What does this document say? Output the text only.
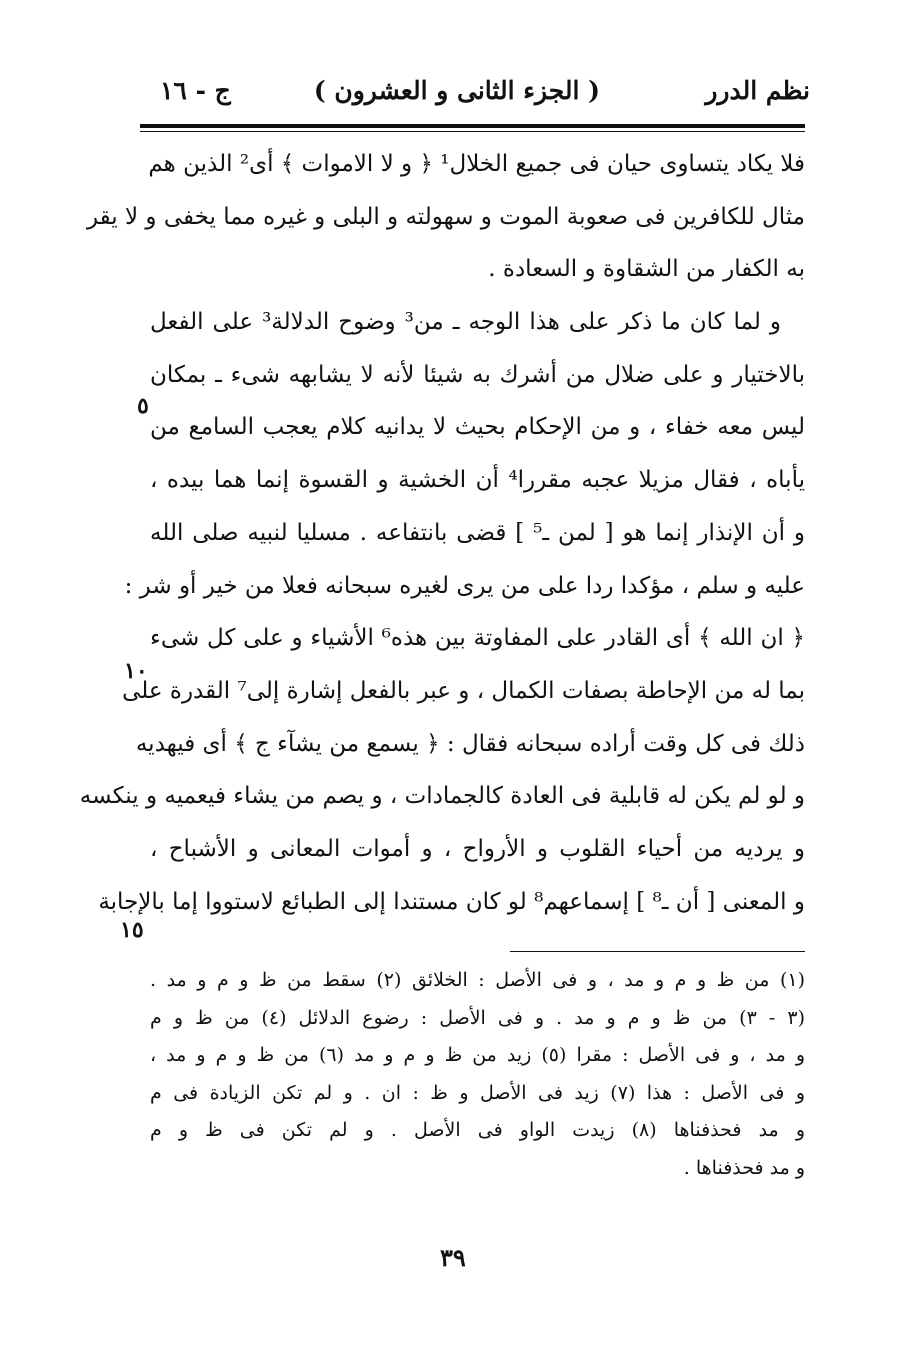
نظم الدرر
( الجزء الثانى و العشرون )
ج - ١٦
فلا يكاد يتساوى حيان فى جميع الخلال¹ ﴿ و لا الاموات ﴾ أى² الذين هم
مثال للكافرين فى صعوبة الموت و سهولته و البلى و غيره مما يخفى و لا يقر
به الكفار من الشقاوة و السعادة .
و لما كان ما ذكر على هذا الوجه ـ من³ وضوح الدلالة³ على الفعل
بالاختيار و على ضلال من أشرك به شيئا لأنه لا يشابهه شىء ـ بمكان
ليس معه خفاء ، و من الإحكام بحيث لا يدانيه كلام يعجب السامع من
يأباه ، فقال مزيلا عجبه مقررا⁴ أن الخشية و القسوة إنما هما بيده ،
و أن الإنذار إنما هو [ لمن ـ⁵ ] قضى بانتفاعه . مسليا لنبيه صلى الله
عليه و سلم ، مؤكدا ردا على من يرى لغيره سبحانه فعلا من خير أو شر :
﴿ ان الله ﴾ أى القادر على المفاوتة بين هذه⁶ الأشياء و على كل شىء
بما له من الإحاطة بصفات الكمال ، و عبر بالفعل إشارة إلى⁷ القدرة على
ذلك فى كل وقت أراده سبحانه فقال : ﴿ يسمع من يشآء ج ﴾ أى فيهديه
و لو لم يكن له قابلية فى العادة كالجمادات ، و يصم من يشاء فيعميه و ينكسه
و يرديه من أحياء القلوب و الأرواح ، و أموات المعانى و الأشباح ،
و المعنى [ أن ـ⁸ ] إسماعهم⁸ لو كان مستندا إلى الطبائع لاستووا إما بالإجابة
٥
١٠
١٥
(١) من ظ و م و مد ، و فى الأصل : الخلائق (٢) سقط من ظ و م و مد .
(٣ - ٣) من ظ و م و مد . و فى الأصل : رضوع الدلائل (٤) من ظ و م
و مد ، و فى الأصل : مقرا (٥) زيد من ظ و م و مد (٦) من ظ و م و مد ،
و فى الأصل : هذا (٧) زيد فى الأصل و ظ : ان . و لم تكن الزيادة فى م
و مد فحذفناها (٨) زيدت الواو فى الأصل . و لم تكن فى ظ و م
و مد فحذفناها .
٣٩
